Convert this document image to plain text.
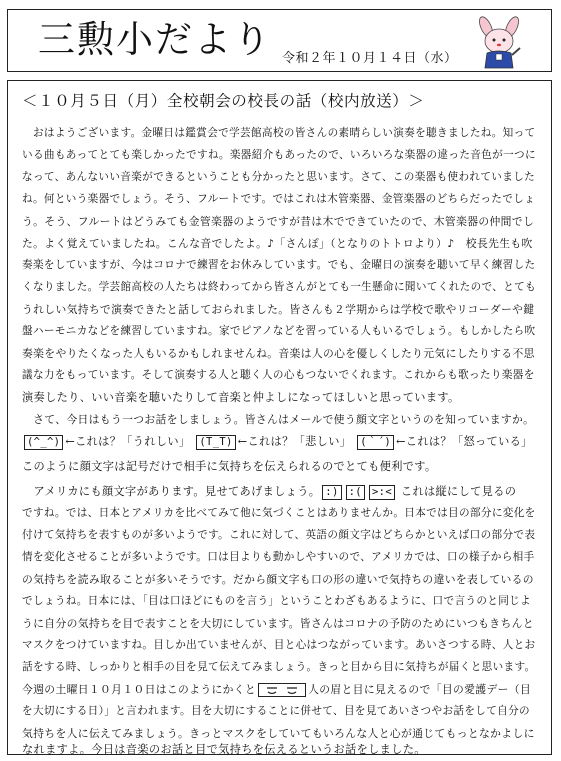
三勲小だより 令和２年１０月１４日（水）
＜１０月５日（月）全校朝会の校長の話（校内放送）＞
　おはようございます。金曜日は鑑賞会で学芸館高校の皆さんの素晴らしい演奏を聴きましたね。知って
いる曲もあってとても楽しかったですね。楽器紹介もあったので、いろいろな楽器の違った音色が一つに
なって、あんないい音楽ができるということも分かったと思います。さて、この楽器も使われていました
ね。何という楽器でしょう。そう、フルートです。ではこれは木管楽器、金管楽器のどちらだったでしょ
う。そう、フルートはどうみても金管楽器のようですが昔は木でできていたので、木管楽器の仲間でし
た。よく覚えていましたね。こんな音でしたよ。♪「さんぽ」（となりのトトロより）♪　校長先生も吹
奏楽をしていますが、今はコロナで練習をお休みしています。でも、金曜日の演奏を聴いて早く練習した
くなりました。学芸館高校の人たちは終わってから皆さんがとても一生懸命に聞いてくれたので、とても
うれしい気持ちで演奏できたと話しておられました。皆さんも２学期からは学校で歌やリコーダーや鍵
盤ハーモニカなどを練習していますね。家でピアノなどを習っている人もいるでしょう。もしかしたら吹
奏楽をやりたくなった人もいるかもしれませんね。音楽は人の心を優しくしたり元気にしたりする不思
議な力をもっています。そして演奏する人と聴く人の心もつないでくれます。これからも歌ったり楽器を
演奏したり、いい音楽を聴いたりして音楽と仲よしになってほしいと思っています。
　さて、今日はもう一つお話をしましょう。皆さんはメールで使う顔文字というのを知っていますか。
(^_^) ←これは？「うれしい」 (T_T) ←これは？「悲しい」 (｀´) ←これは？「怒っている」
このように顔文字は記号だけで相手に気持ちを伝えられるのでとても便利です。
　アメリカにも顔文字があります。見せてあげましょう。 :) :( >:< これは縦にして見るの
ですね。では、日本とアメリカを比べてみて他に気づくことはありませんか。日本では目の部分に変化を
付けて気持ちを表すものが多いようです。これに対して、英語の顔文字はどちらかといえば口の部分で表
情を変化させることが多いようです。口は目よりも動かしやすいので、アメリカでは、口の様子から相手
の気持ちを読み取ることが多いそうです。だから顔文字も口の形の違いで気持ちの違いを表しているの
でしょうね。日本には、「目は口ほどにものを言う」ということわざもあるように、口で言うのと同じよ
うに自分の気持ちを目で表すことを大切にしています。皆さんはコロナの予防のためにいつもきちんと
マスクをつけていますね。目しか出ていませんが、目と心はつながっています。あいさつする時、人とお
話をする時、しっかりと相手の目を見て伝えてみましょう。きっと目から目に気持ちが届くと思います。
今週の土曜日１０月１０日はこのようにかくと	人の眉と目に見えるので「目の愛護デー（目
を大切にする日）」と言われます。目を大切にすることに併せて、目を見てあいさつやお話をして自分の
気持ちを人に伝えてみましょう。きっとマスクをしていてもいろんな人と心が通じてもっとなかよしに
なれますよ。今日は音楽のお話と目で気持ちを伝えるというお話をしました。
